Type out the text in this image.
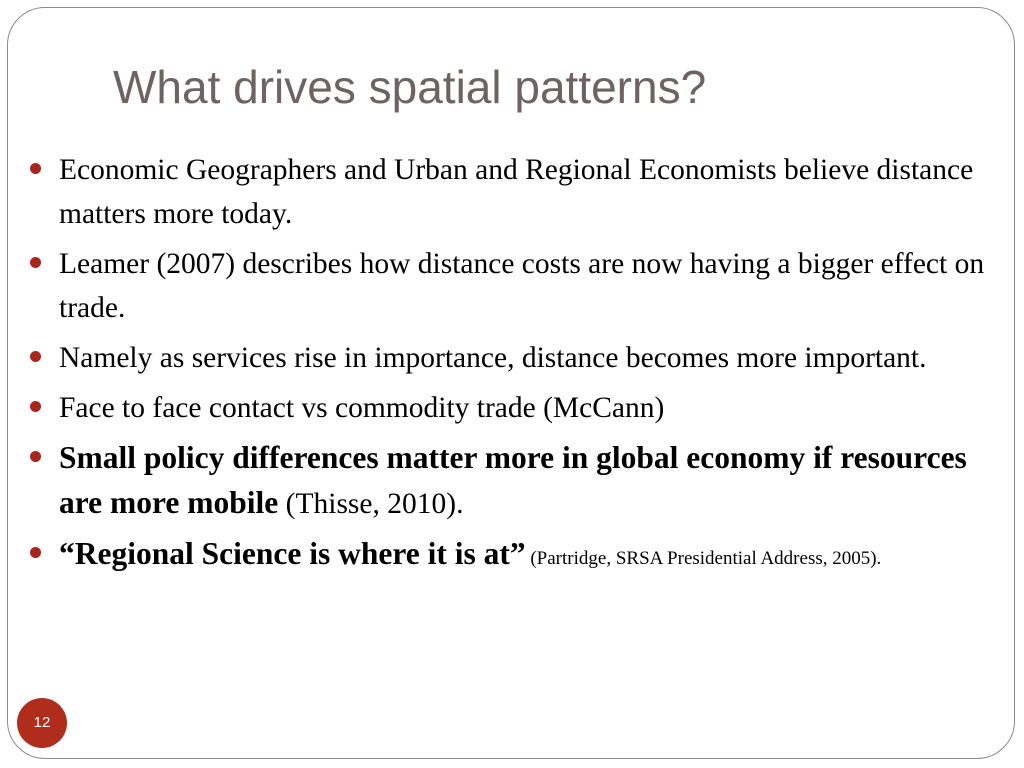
What drives spatial patterns?
Economic Geographers and Urban and Regional Economists believe distance matters more today.
Leamer (2007) describes how distance costs are now having a bigger effect on trade.
Namely as services rise in importance, distance becomes more important.
Face to face contact vs commodity trade (McCann)
Small policy differences matter more in global economy if resources are more mobile (Thisse, 2010).
“Regional Science is where it is at” (Partridge, SRSA Presidential Address, 2005).
12
